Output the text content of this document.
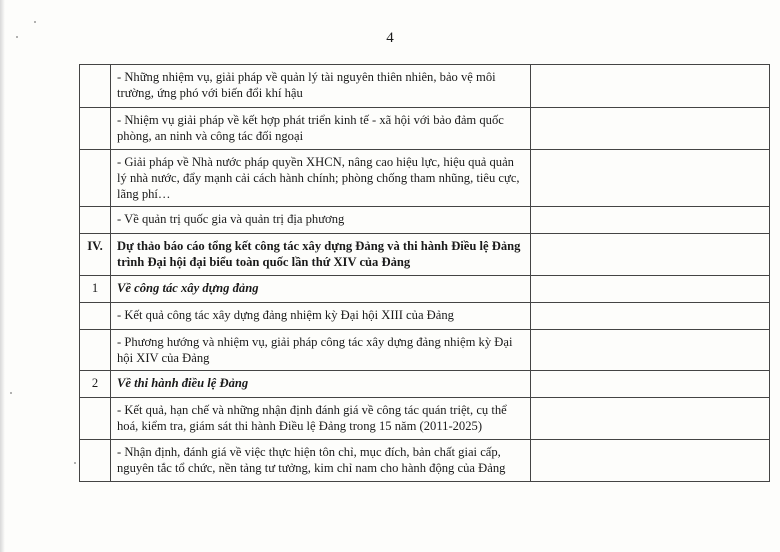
4
	- Những nhiệm vụ, giải pháp về quản lý tài nguyên thiên nhiên, bảo vệ môi trường, ứng phó với biến đổi khí hậu	
	- Nhiệm vụ giải pháp về kết hợp phát triển kinh tế - xã hội với bảo đảm quốc phòng, an ninh và công tác đối ngoại	
	- Giải pháp về Nhà nước pháp quyền XHCN, nâng cao hiệu lực, hiệu quả quản lý nhà nước, đẩy mạnh cải cách hành chính; phòng chống tham nhũng, tiêu cực, lãng phí…	
	- Về quản trị quốc gia và quản trị địa phương	
IV.	Dự thảo báo cáo tổng kết công tác xây dựng Đảng và thi hành Điều lệ Đảng trình Đại hội đại biểu toàn quốc lần thứ XIV của Đảng	
1	Về công tác xây dựng đảng	
	- Kết quả công tác xây dựng đảng nhiệm kỳ Đại hội XIII của Đảng	
	- Phương hướng và nhiệm vụ, giải pháp công tác xây dựng đảng nhiệm kỳ Đại hội XIV của Đảng	
2	Về thi hành điều lệ Đảng	
	- Kết quả, hạn chế và những nhận định đánh giá về công tác quán triệt, cụ thể hoá, kiểm tra, giám sát thi hành Điều lệ Đảng trong 15 năm (2011-2025)	
	- Nhận định, đánh giá về việc thực hiện tôn chỉ, mục đích, bản chất giai cấp, nguyên tắc tổ chức, nền tảng tư tưởng, kim chỉ nam cho hành động của Đảng	
